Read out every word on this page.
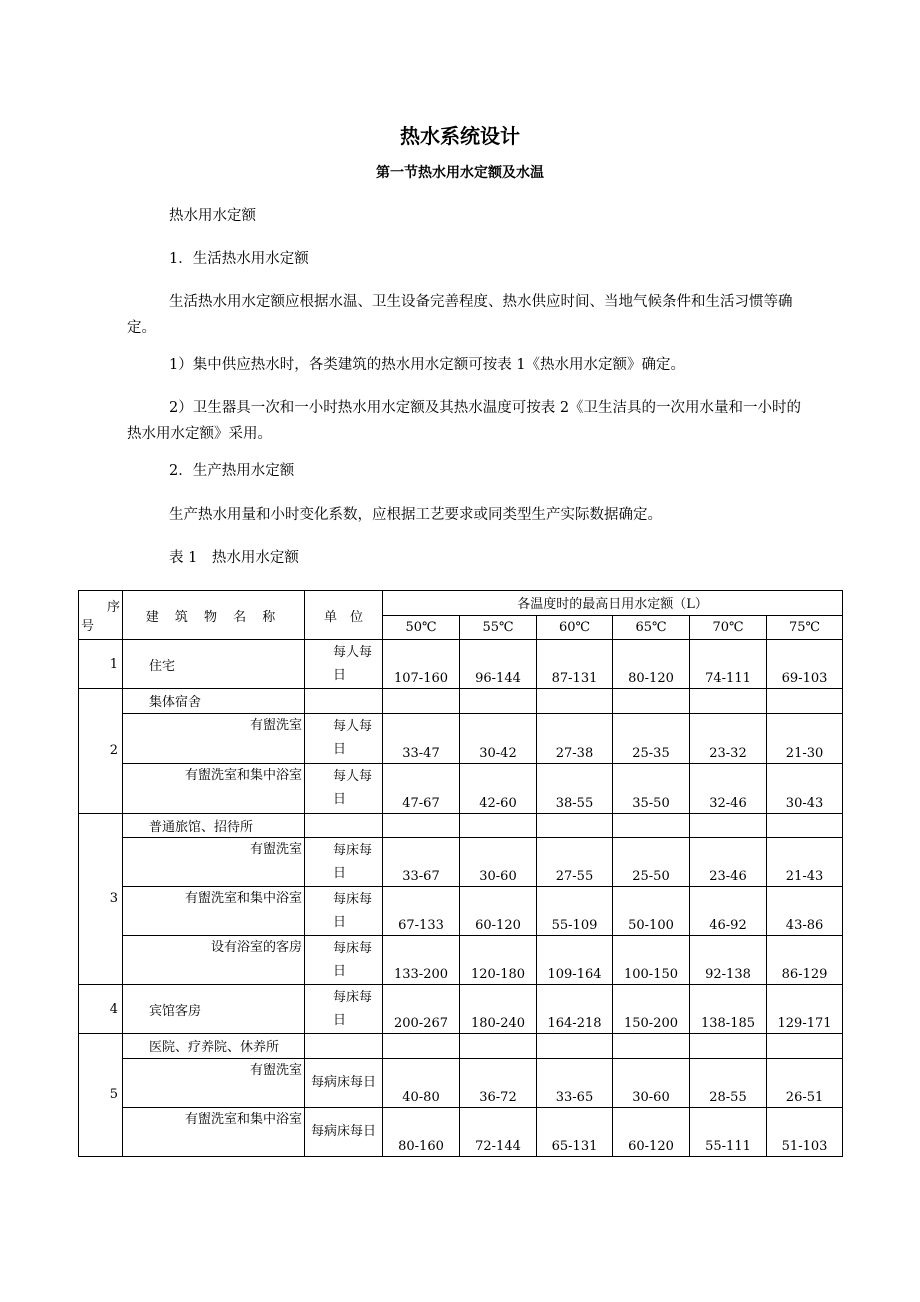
热水系统设计
第一节热水用水定额及水温

热水用水定额

1．生活热水用水定额

生活热水用水定额应根据水温、卫生设备完善程度、热水供应时间、当地气候条件和生活习惯等确定。

1）集中供应热水时，各类建筑的热水用水定额可按表 1《热水用水定额》确定。

2）卫生器具一次和一小时热水用水定额及其热水温度可按表 2《卫生洁具的一次用水量和一小时的热水用水定额》采用。

2．生产热用水定额

生产热水用量和小时变化系数，应根据工艺要求或同类型生产实际数据确定。

表 1　热水用水定额

序
号	建 筑 物 名 称	单　位	各温度时的最高日用水定额（L）					
			50℃	55℃	60℃	65℃	70℃	75℃
1	住宅	每人每日	107-160	96-144	87-131	80-120	74-111	69-103
2	集体宿舍							
	有盥洗室	每人每日	33-47	30-42	27-38	25-35	23-32	21-30
	有盥洗室和集中浴室	每人每日	47-67	42-60	38-55	35-50	32-46	30-43
3	普通旅馆、招待所							
	有盥洗室	每床每日	33-67	30-60	27-55	25-50	23-46	21-43
	有盥洗室和集中浴室	每床每日	67-133	60-120	55-109	50-100	46-92	43-86
	设有浴室的客房	每床每日	133-200	120-180	109-164	100-150	92-138	86-129
4	宾馆客房	每床每日	200-267	180-240	164-218	150-200	138-185	129-171
5	医院、疗养院、休养所							
	有盥洗室	每病床每日	40-80	36-72	33-65	30-60	28-55	26-51
	有盥洗室和集中浴室	每病床每日	80-160	72-144	65-131	60-120	55-111	51-103
